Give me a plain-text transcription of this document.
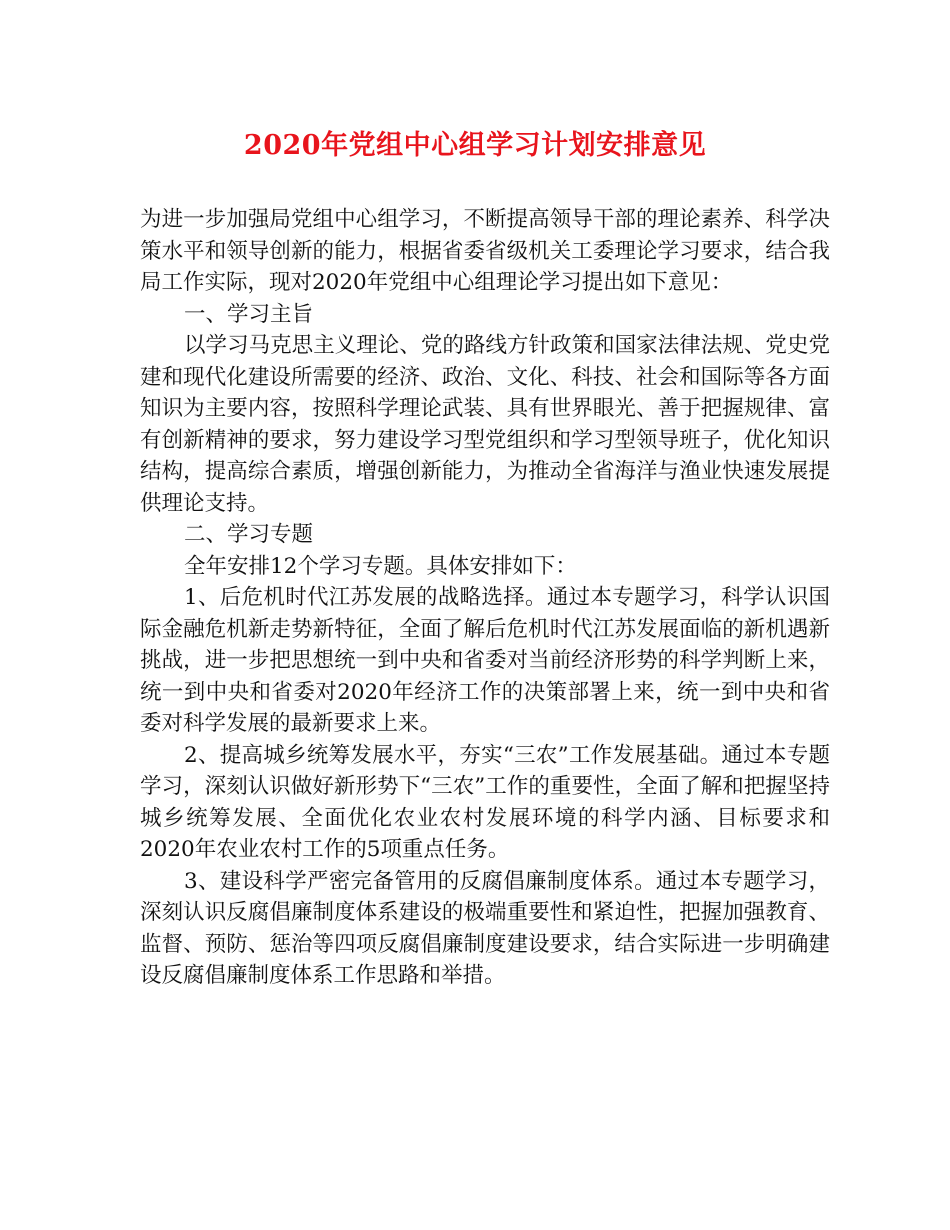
2020年党组中心组学习计划安排意见

为进一步加强局党组中心组学习，不断提高领导干部的理论素养、科学决策水平和领导创新的能力，根据省委省级机关工委理论学习要求，结合我局工作实际，现对2020年党组中心组理论学习提出如下意见：

一、学习主旨

以学习马克思主义理论、党的路线方针政策和国家法律法规、党史党建和现代化建设所需要的经济、政治、文化、科技、社会和国际等各方面知识为主要内容，按照科学理论武装、具有世界眼光、善于把握规律、富有创新精神的要求，努力建设学习型党组织和学习型领导班子，优化知识结构，提高综合素质，增强创新能力，为推动全省海洋与渔业快速发展提供理论支持。

二、学习专题

全年安排12个学习专题。具体安排如下：

1、后危机时代江苏发展的战略选择。通过本专题学习，科学认识国际金融危机新走势新特征，全面了解后危机时代江苏发展面临的新机遇新挑战，进一步把思想统一到中央和省委对当前经济形势的科学判断上来，统一到中央和省委对2020年经济工作的决策部署上来，统一到中央和省委对科学发展的最新要求上来。

2、提高城乡统筹发展水平，夯实“三农”工作发展基础。通过本专题学习，深刻认识做好新形势下“三农”工作的重要性，全面了解和把握坚持城乡统筹发展、全面优化农业农村发展环境的科学内涵、目标要求和2020年农业农村工作的5项重点任务。

3、建设科学严密完备管用的反腐倡廉制度体系。通过本专题学习，深刻认识反腐倡廉制度体系建设的极端重要性和紧迫性，把握加强教育、监督、预防、惩治等四项反腐倡廉制度建设要求，结合实际进一步明确建设反腐倡廉制度体系工作思路和举措。
